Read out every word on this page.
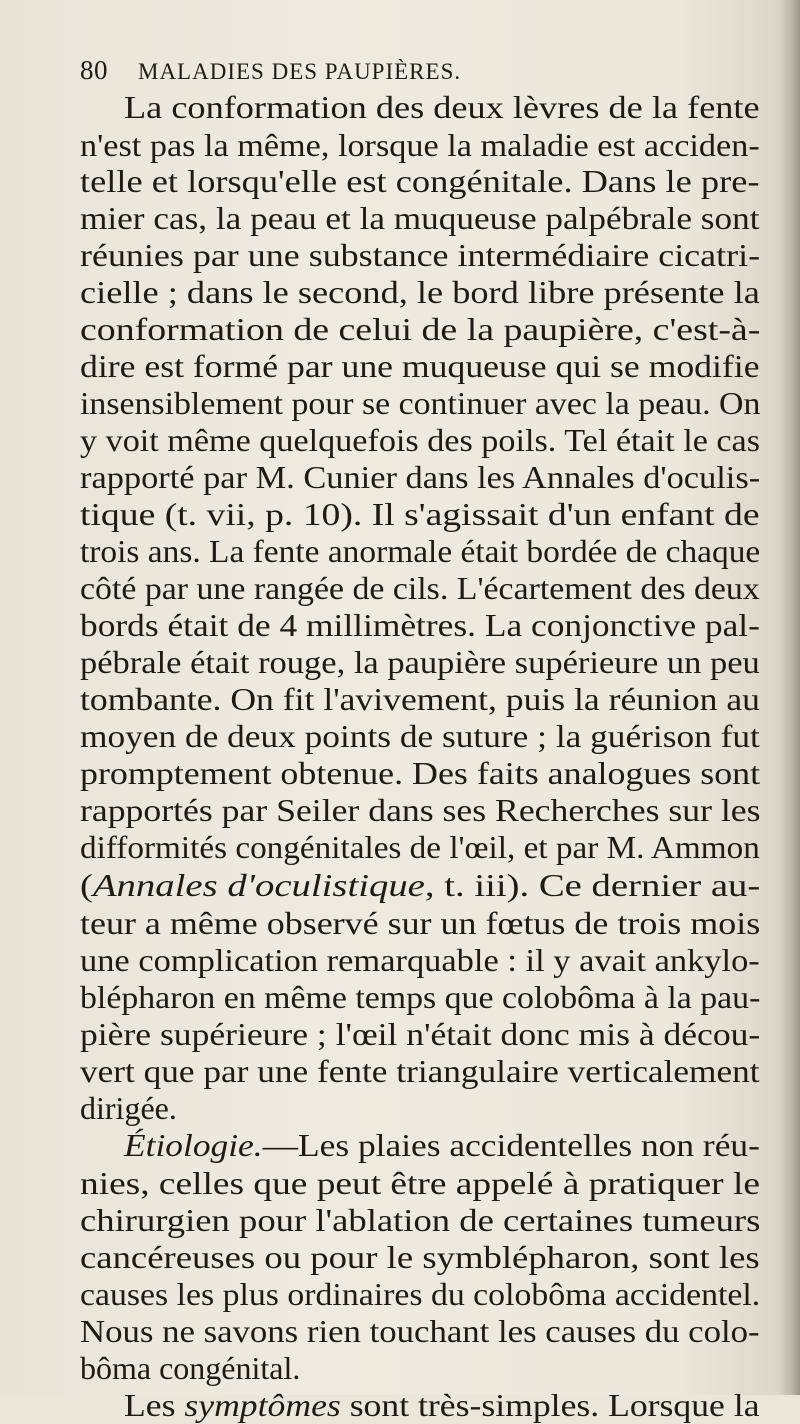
80 MALADIES DES PAUPIÈRES.
La conformation des deux lèvres de la fente
n'est pas la même, lorsque la maladie est acciden-
telle et lorsqu'elle est congénitale. Dans le pre-
mier cas, la peau et la muqueuse palpébrale sont
réunies par une substance intermédiaire cicatri-
cielle ; dans le second, le bord libre présente la
conformation de celui de la paupière, c'est-à-
dire est formé par une muqueuse qui se modifie
insensiblement pour se continuer avec la peau. On
y voit même quelquefois des poils. Tel était le cas
rapporté par M. Cunier dans les Annales d'oculis-
tique (t. vii, p. 10). Il s'agissait d'un enfant de
trois ans. La fente anormale était bordée de chaque
côté par une rangée de cils. L'écartement des deux
bords était de 4 millimètres. La conjonctive pal-
pébrale était rouge, la paupière supérieure un peu
tombante. On fit l'avivement, puis la réunion au
moyen de deux points de suture ; la guérison fut
promptement obtenue. Des faits analogues sont
rapportés par Seiler dans ses Recherches sur les
difformités congénitales de l'œil, et par M. Ammon
(Annales d'oculistique, t. iii). Ce dernier au-
teur a même observé sur un fœtus de trois mois
une complication remarquable : il y avait ankylo-
blépharon en même temps que colobôma à la pau-
pière supérieure ; l'œil n'était donc mis à décou-
vert que par une fente triangulaire verticalement
dirigée.
Étiologie.—Les plaies accidentelles non réu-
nies, celles que peut être appelé à pratiquer le
chirurgien pour l'ablation de certaines tumeurs
cancéreuses ou pour le symblépharon, sont les
causes les plus ordinaires du colobôma accidentel.
Nous ne savons rien touchant les causes du colo-
bôma congénital.
Les symptômes sont très-simples. Lorsque la
